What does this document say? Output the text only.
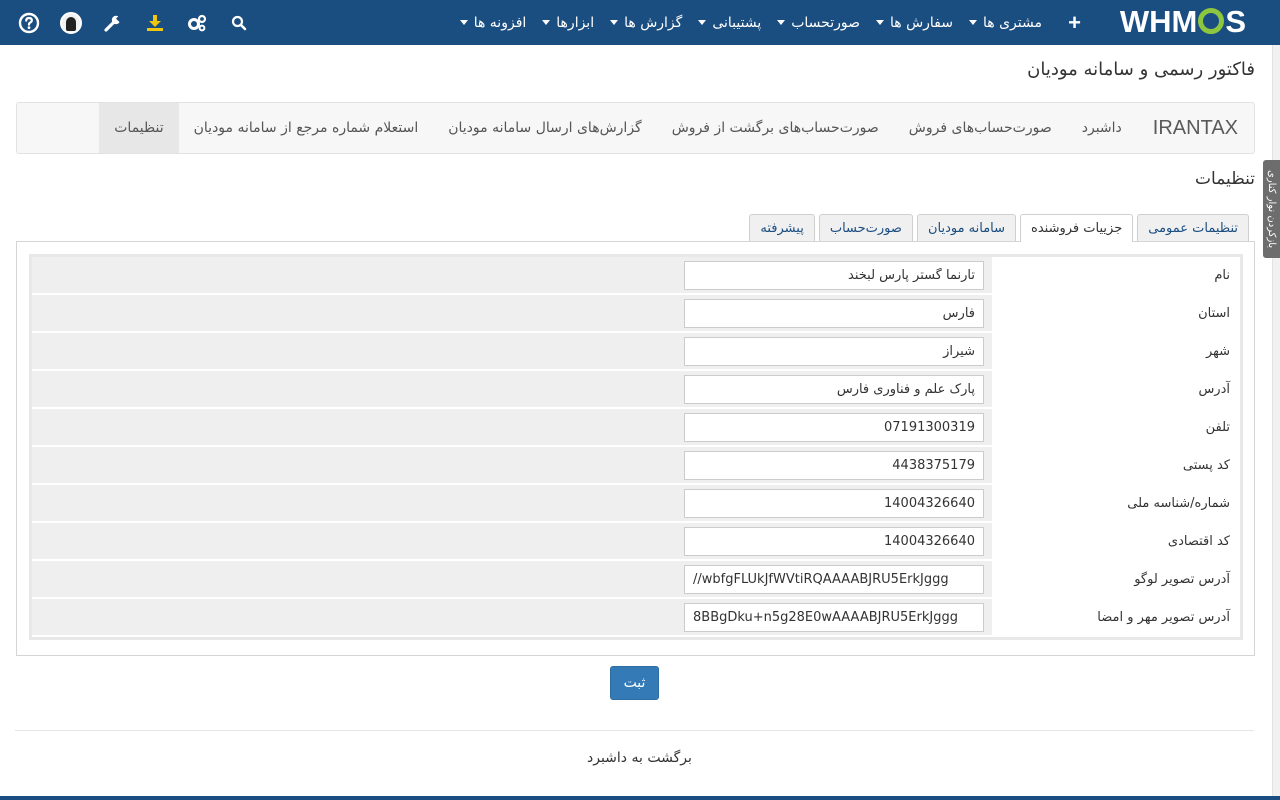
WHM S
+
مشتری ها
سفارش ها
صورتحساب
پشتیبانی
گزارش ها
ابزارها
افزونه ها
بازکردن نوار کناری
فاکتور رسمی و سامانه مودیان
IRANTAX
داشبرد
صورت‌حساب‌های فروش
صورت‌حساب‌های برگشت از فروش
گزارش‌های ارسال سامانه مودیان
استعلام شماره مرجع از سامانه مودیان
تنظیمات
تنظیمات
تنظیمات عمومی
جزییات فروشنده
سامانه مودیان
صورت‌حساب
پیشرفته
نام
تارنما گستر پارس لبخند
استان
فارس
شهر
شیراز
آدرس
پارک علم و فناوری فارس
تلفن
07191300319
کد پستی
4438375179
شماره/شناسه ملی
14004326640
کد اقتصادی
14004326640
آدرس تصویر لوگو
//wbfgFLUkJfWVtiRQAAAABJRU5ErkJggg
آدرس تصویر مهر و امضا
8BBgDku+n5g28E0wAAAABJRU5ErkJggg
ثبت
برگشت به داشبرد
